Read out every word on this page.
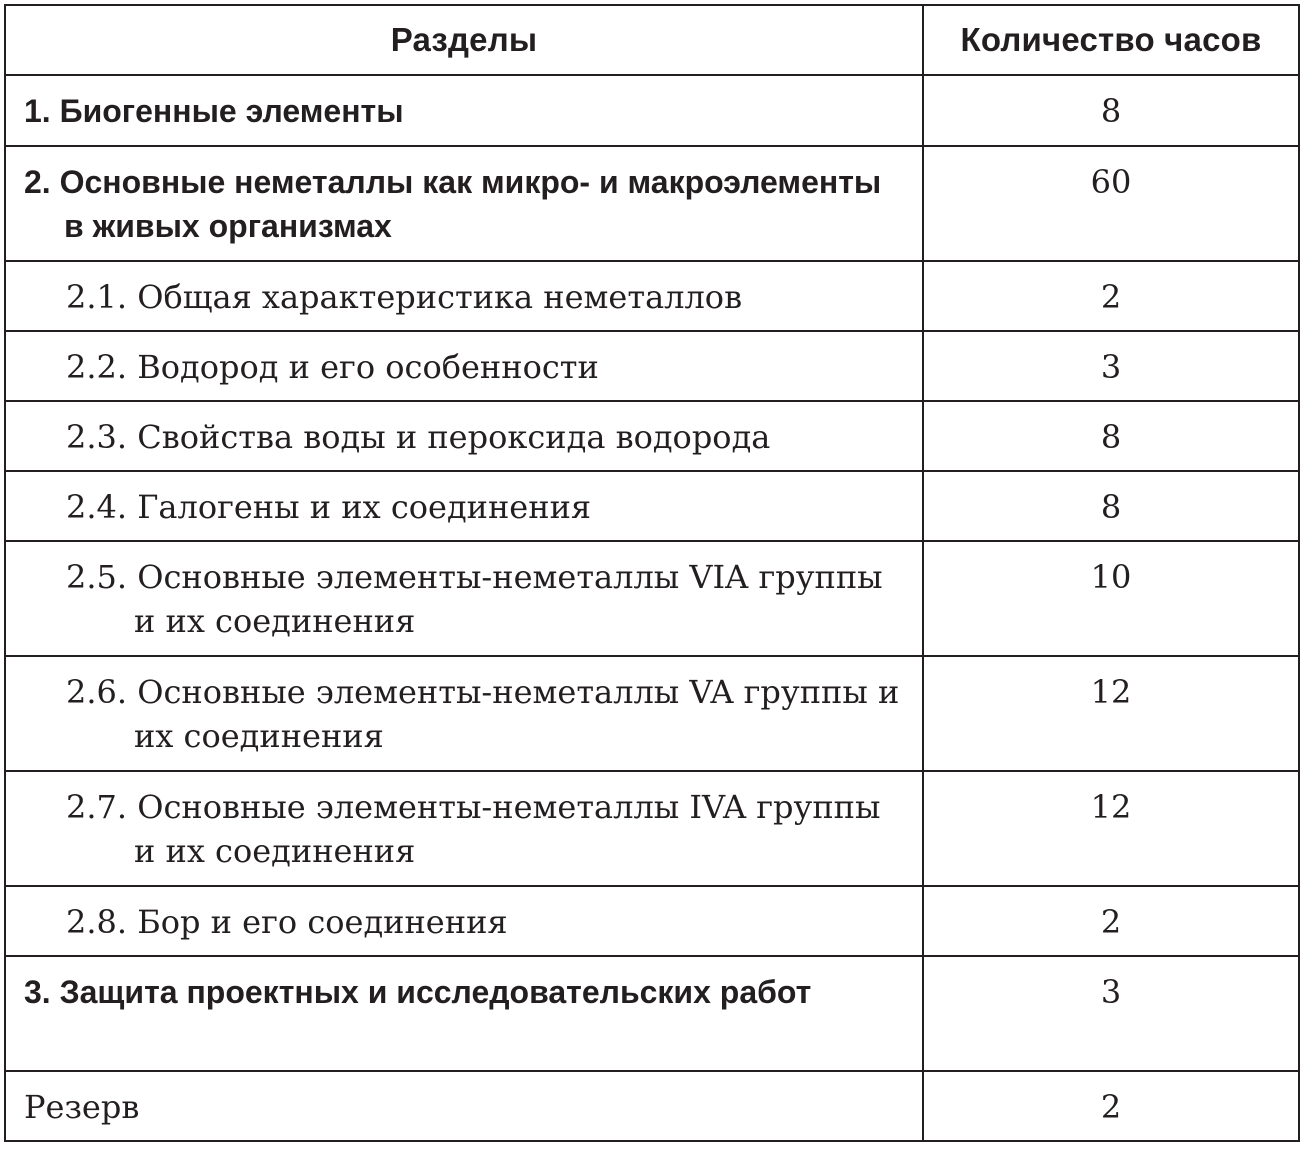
Разделы	Количество часов
1. Биогенные элементы	8
2. Основные неметаллы как микро- и макроэлементы в живых организмах	60
2.1. Общая характеристика неметаллов	2
2.2. Водород и его особенности	3
2.3. Свойства воды и пероксида водорода	8
2.4. Галогены и их соединения	8
2.5. Основные элементы-неметаллы VIA группы и их соединения	10
2.6. Основные элементы-неметаллы VA группы и их соединения	12
2.7. Основные элементы-неметаллы IVA группы и их соединения	12
2.8. Бор и его соединения	2
3. Защита проектных и исследовательских работ	3
Резерв	2
